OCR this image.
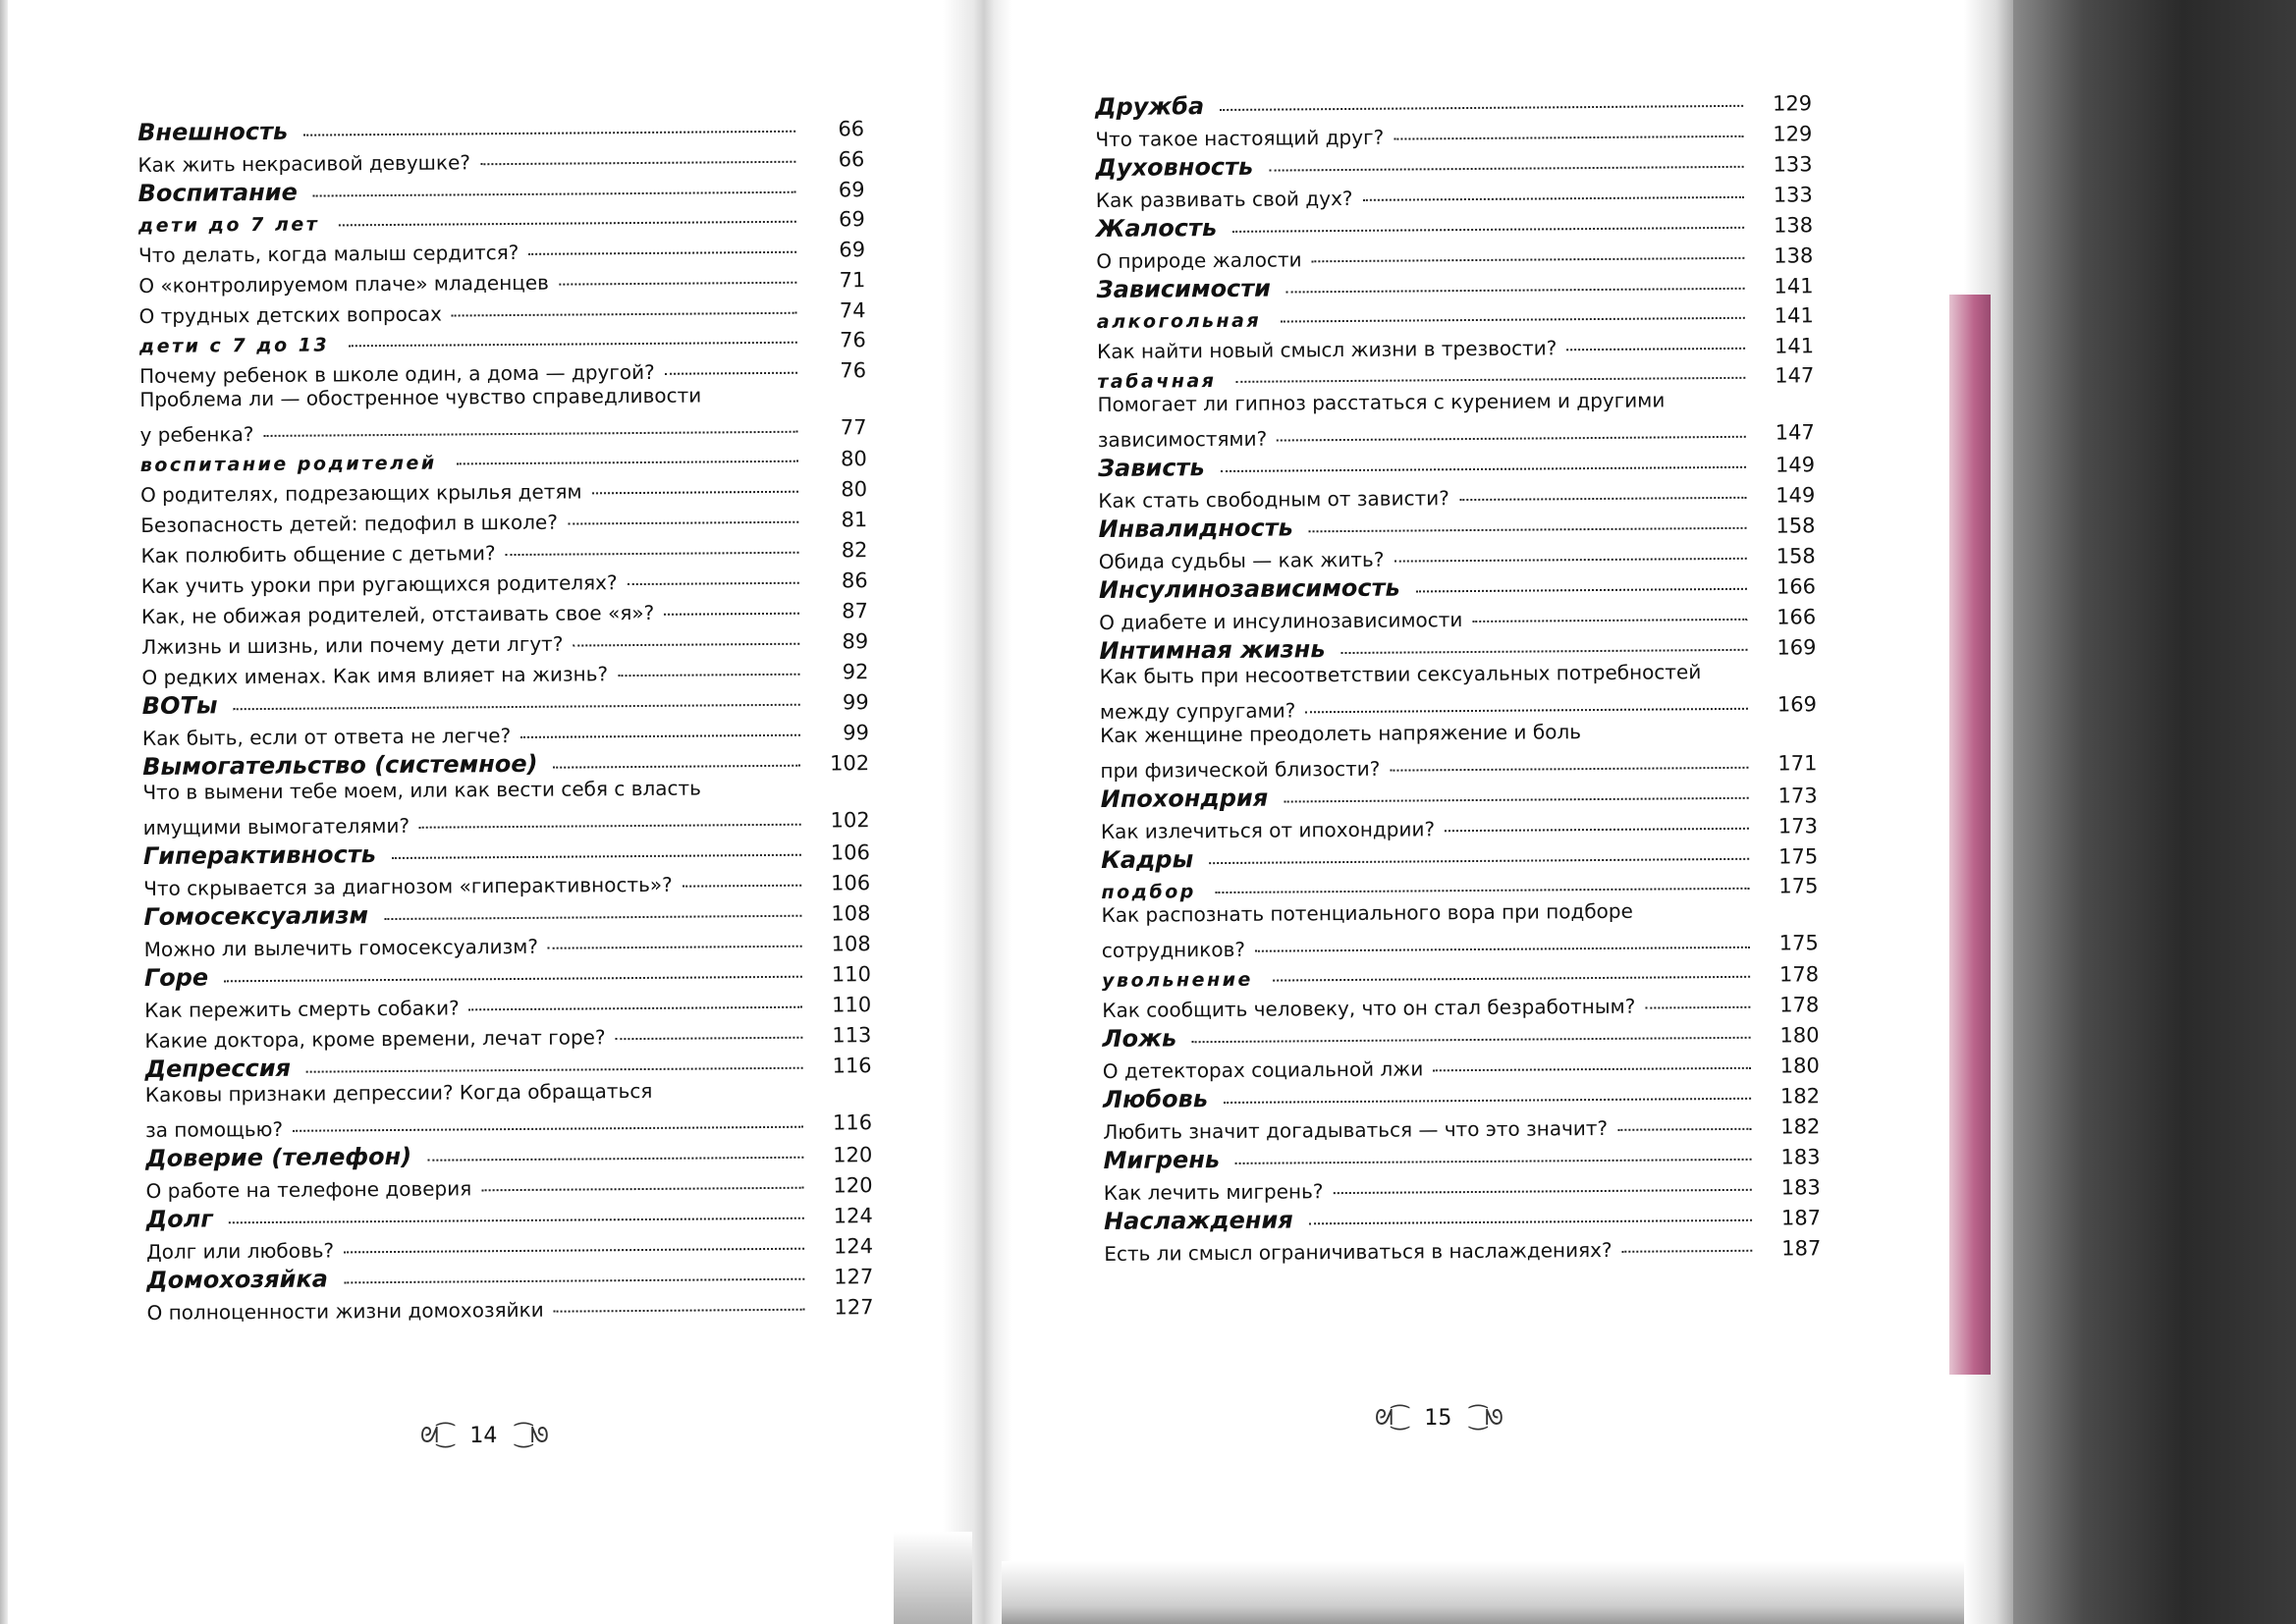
Внешность	66
Как жить некрасивой девушке?	66
Воспитание	69
дети до 7 лет	69
Что делать, когда малыш сердится?	69
О «контролируемом плаче» младенцев	71
О трудных детских вопросах	74
дети с 7 до 13	76
Почему ребенок в школе один, а дома — другой?	76
Проблема ли — обостренное чувство справедливости
у ребенка?	77
воспитание родителей	80
О родителях, подрезающих крылья детям	80
Безопасность детей: педофил в школе?	81
Как полюбить общение с детьми?	82
Как учить уроки при ругающихся родителях?	86
Как, не обижая родителей, отстаивать свое «я»?	87
Лжизнь и шизнь, или почему дети лгут?	89
О редких именах. Как имя влияет на жизнь?	92
ВОТы	99
Как быть, если от ответа не легче?	99
Вымогательство (системное)	102
Что в вымени тебе моем, или как вести себя с власть
имущими вымогателями?	102
Гиперактивность	106
Что скрывается за диагнозом «гиперактивность»?	106
Гомосексуализм	108
Можно ли вылечить гомосексуализм?	108
Горе	110
Как пережить смерть собаки?	110
Какие доктора, кроме времени, лечат горе?	113
Депрессия	116
Каковы признаки депрессии? Когда обращаться
за помощью?	116
Доверие (телефон)	120
О работе на телефоне доверия	120
Долг	124
Долг или любовь?	124
Домохозяйка	127
О полноценности жизни домохозяйки	127
Дружба	129
Что такое настоящий друг?	129
Духовность	133
Как развивать свой дух?	133
Жалость	138
О природе жалости	138
Зависимости	141
алкогольная	141
Как найти новый смысл жизни в трезвости?	141
табачная	147
Помогает ли гипноз расстаться с курением и другими
зависимостями?	147
Зависть	149
Как стать свободным от зависти?	149
Инвалидность	158
Обида судьбы — как жить?	158
Инсулинозависимость	166
О диабете и инсулинозависимости	166
Интимная жизнь	169
Как быть при несоответствии сексуальных потребностей
между супругами?	169
Как женщине преодолеть напряжение и боль
при физической близости?	171
Ипохондрия	173
Как излечиться от ипохондрии?	173
Кадры	175
подбор	175
Как распознать потенциального вора при подборе
сотрудников?	175
увольнение	178
Как сообщить человеку, что он стал безработным?	178
Ложь	180
О детекторах социальной лжи	180
Любовь	182
Любить значит догадываться — что это значит?	182
Мигрень	183
Как лечить мигрень?	183
Наслаждения	187
Есть ли смысл ограничиваться в наслаждениях?	187
ᘛ⁐ 14 ⁐ᘚ
ᘛ⁐ 15 ⁐ᘚ
